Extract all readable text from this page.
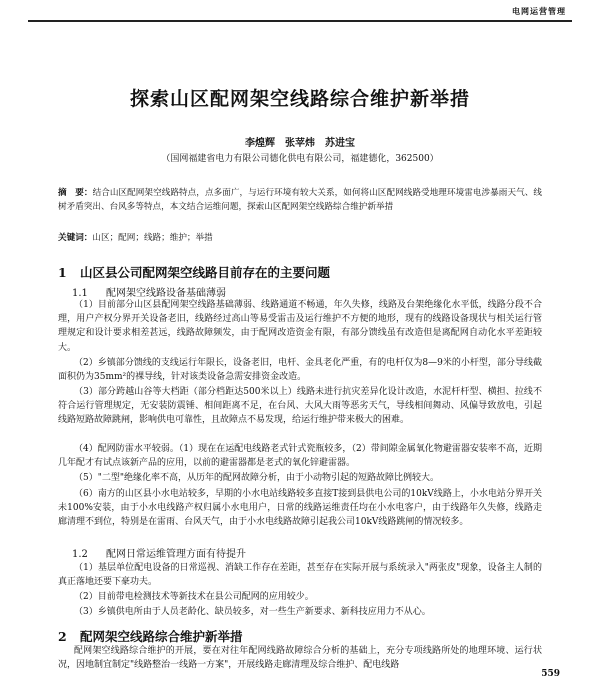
电网运营管理
探索山区配网架空线路综合维护新举措
李煌辉　张苹炜　苏进宝
（国网福建省电力有限公司德化供电有限公司，福建德化，362500）
摘　要：结合山区配网架空线路特点，点多面广，与运行环境有较大关系，如何将山区配网线路受地理环境雷电涉暴雨天气、线树矛盾突出、台风多等特点，本文结合运维问题，探索山区配网架空线路综合维护新举措
关键词：山区；配网；线路；维护；举措
1 山区县公司配网架空线路目前存在的主要问题
1.1 配网架空线路设备基础薄弱
（1）目前部分山区县配网架空线路基础薄弱、线路通道不畅通，年久失修，线路及台架绝缘化水平低，线路分段不合理，用户产权分界开关设备老旧，线路经过高山等易受雷击及运行维护不方便的地形，现有的线路设备现状与相关运行管理规定和设计要求相差甚远，线路故障频发，由于配网改造资金有限，有部分馈线虽有改造但是离配网自动化水平差距较大。
（2）乡镇部分馈线的支线运行年限长，设备老旧，电杆、金具老化严重，有的电杆仅为8—9米的小杆型，部分导线截面积仍为35mm²的裸导线，针对该类设备急需安排资金改造。
（3）部分跨越山谷等大档距（部分档距达500米以上）线路未进行抗灾差异化设计改造，水泥杆杆型、横担、拉线不符合运行管理规定，无安装防震锤、相间距离不足，在台风、大风大雨等恶劣天气，导线相间舞动、风偏导致放电，引起线路短路故障跳闸，影响供电可靠性，且故障点不易发现，给运行维护带来极大的困难。
（4）配网防雷水平较弱。（1）现在在运配电线路老式针式瓷瓶较多，（2）带间隙金属氧化物避雷器安装率不高，近期几年配才有试点该新产品的应用，以前的避雷器都是老式的氧化锌避雷器。
（5）"二型"绝缘化率不高，从历年的配网故障分析，由于小动物引起的短路故障比例较大。
（6）南方的山区县小水电站较多，早期的小水电站线路较多直接T接到县供电公司的10kV线路上，小水电站分界开关未100%安装，由于小水电线路产权归属小水电用户，日常的线路运维责任均在小水电客户，由于线路年久失修，线路走廊清理不到位，特别是在雷雨、台风天气，由于小水电线路故障引起我公司10kV线路跳闸的情况较多。
1.2 配网日常运维管理方面有待提升
（1）基层单位配电设备的日常巡视、消缺工作存在差距，甚至存在实际开展与系统录入"两张皮"现象，设备主人制的真正落地还要下豪功夫。
（2）目前带电检测技术等新技术在县公司配网的应用较少。
（3）乡镇供电所由于人员老龄化、缺员较多，对一些生产新要求、新科技应用力不从心。
2 配网架空线路综合维护新举措
配网架空线路综合维护的开展，要在对往年配网线路故障综合分析的基础上，充分专项线路所处的地理环境、运行状况，因地制宜制定"线路整治一线路一方案"，开展线路走廊清理及综合维护、配电线路
559
